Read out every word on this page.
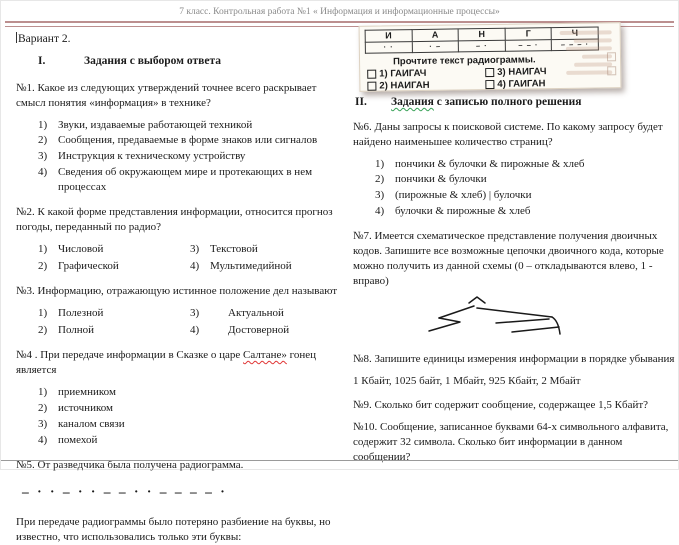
7 класс. Контрольная работа №1 « Информация и информационные процессы»
Вариант 2.	И	А	Н	Г	Ч
· ·	· –	– ·	– – ·	– – – ·
Прочтите текст радиограммы.
1)
ГАИГАЧ	3)
НАИГАЧ
2)
НАИГАН	4)
ГАИГАН
I.	Задания с выбором ответа

№1. Какое из следующих утверждений точнее всего раскрывает смысл понятия «информация» в технике?

1) Звуки, издаваемые работающей техникой
2) Сообщения, предаваемые в форме знаков или сигналов
3) Инструкция к техническому устройству
4) Сведения об окружающем мире и протекающих в нем процессах

№2. К какой форме представления информации, относится прогноз погоды, переданный по радио?

1) Числовой	3) Текстовой
2) Графической	4) Мультимедийной

№3. Информацию, отражающую истинное положение дел называют

1) Полезной	3)	Актуальной
2) Полной	4)	Достоверной

№4 . При передаче информации в Сказке о царе Салтане» гонец является

1) приемником
2) источником
3) каналом связи
4) помехой

№5. От разведчика была получена радиограмма.

– · · – · · – – · · – – – – ·

При передаче радиограммы было потеряно разбиение на буквы, но известно, что использовались только эти буквы:

II.	Задания с записью полного решения

№6. Даны запросы к поисковой системе. По какому запросу будет найдено наименьшее количество страниц?

1) пончики & булочки & пирожные & хлеб
2) пончики & булочки
3) (пирожные & хлеб) | булочки
4) булочки & пирожные & хлеб

№7. Имеется схематическое представление получения двоичных кодов. Запишите все возможные цепочки двоичного кода, которые можно получить из данной схемы (0 – откладываются влево, 1 - вправо)

№8. Запишите единицы измерения информации в порядке убывания

1 Кбайт, 1025 байт, 1 Мбайт, 925 Кбайт, 2 Мбайт

№9. Сколько бит содержит сообщение, содержащее 1,5 Кбайт?

№10. Сообщение, записанное буквами 64-х символьного алфавита, содержит 32 символа. Сколько бит информации в данном сообщении?
